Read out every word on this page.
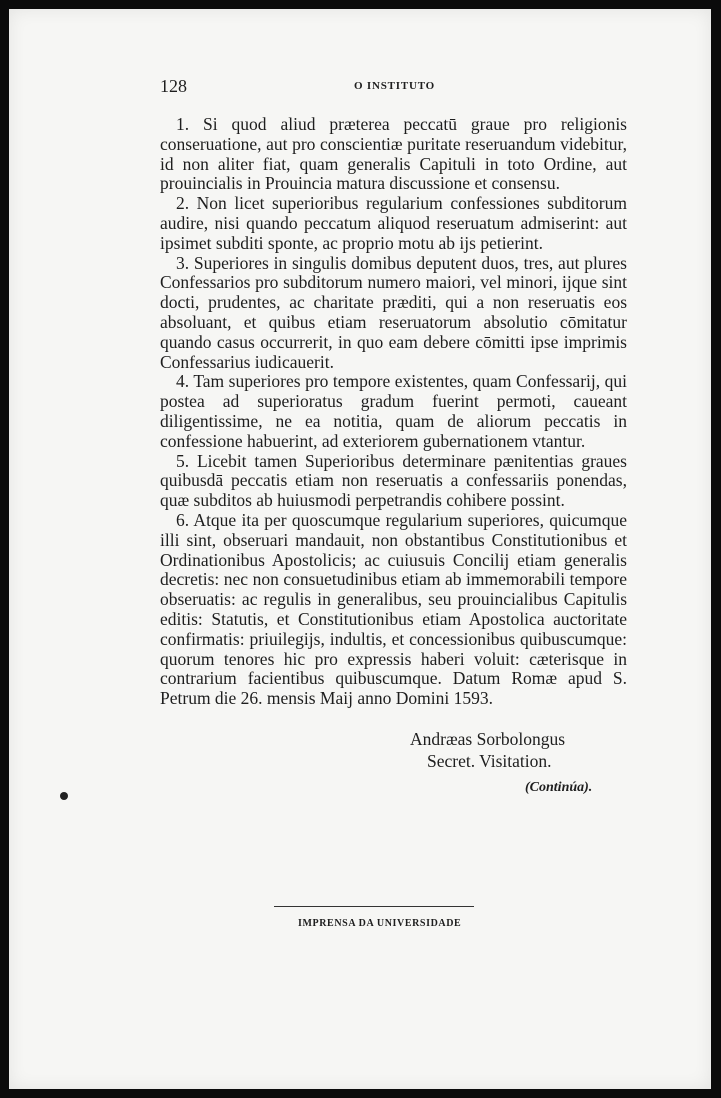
128	O INSTITUTO

1. Si quod aliud præterea peccatū graue pro religionis conseruatione, aut pro conscientiæ puritate reseruandum videbitur, id non aliter fiat, quam generalis Capituli in toto Ordine, aut prouincialis in Prouincia matura discussione et consensu.

2. Non licet superioribus regularium confessiones subditorum audire, nisi quando peccatum aliquod reseruatum admiserint: aut ipsimet subditi sponte, ac proprio motu ab ijs petierint.

3. Superiores in singulis domibus deputent duos, tres, aut plures Confessarios pro subditorum numero maiori, vel minori, ijque sint docti, prudentes, ac charitate præditi, qui a non reseruatis eos absoluant, et quibus etiam reseruatorum absolutio cōmitatur quando casus occurrerit, in quo eam debere cōmitti ipse imprimis Confessarius iudicauerit.

4. Tam superiores pro tempore existentes, quam Confessarij, qui postea ad superioratus gradum fuerint permoti, caueant diligentissime, ne ea notitia, quam de aliorum peccatis in confessione habuerint, ad exteriorem gubernationem vtantur.

5. Licebit tamen Superioribus determinare pænitentias graues quibusdā peccatis etiam non reseruatis a confessariis ponendas, quæ subditos ab huiusmodi perpetrandis cohibere possint.

6. Atque ita per quoscumque regularium superiores, quicumque illi sint, obseruari mandauit, non obstantibus Constitutionibus et Ordinationibus Apostolicis; ac cuiusuis Concilij etiam generalis decretis: nec non consuetudinibus etiam ab immemorabili tempore obseruatis: ac regulis in generalibus, seu prouincialibus Capitulis editis: Statutis, et Constitutionibus etiam Apostolica auctoritate confirmatis: priuilegijs, indultis, et concessionibus quibuscumque: quorum tenores hic pro expressis haberi voluit: cæterisque in contrarium facientibus quibuscumque. Datum Romæ apud S. Petrum die 26. mensis Maij anno Domini 1593.

Andræas Sorbolongus
Secret. Visitation.
(Continúa).
IMPRENSA DA UNIVERSIDADE
